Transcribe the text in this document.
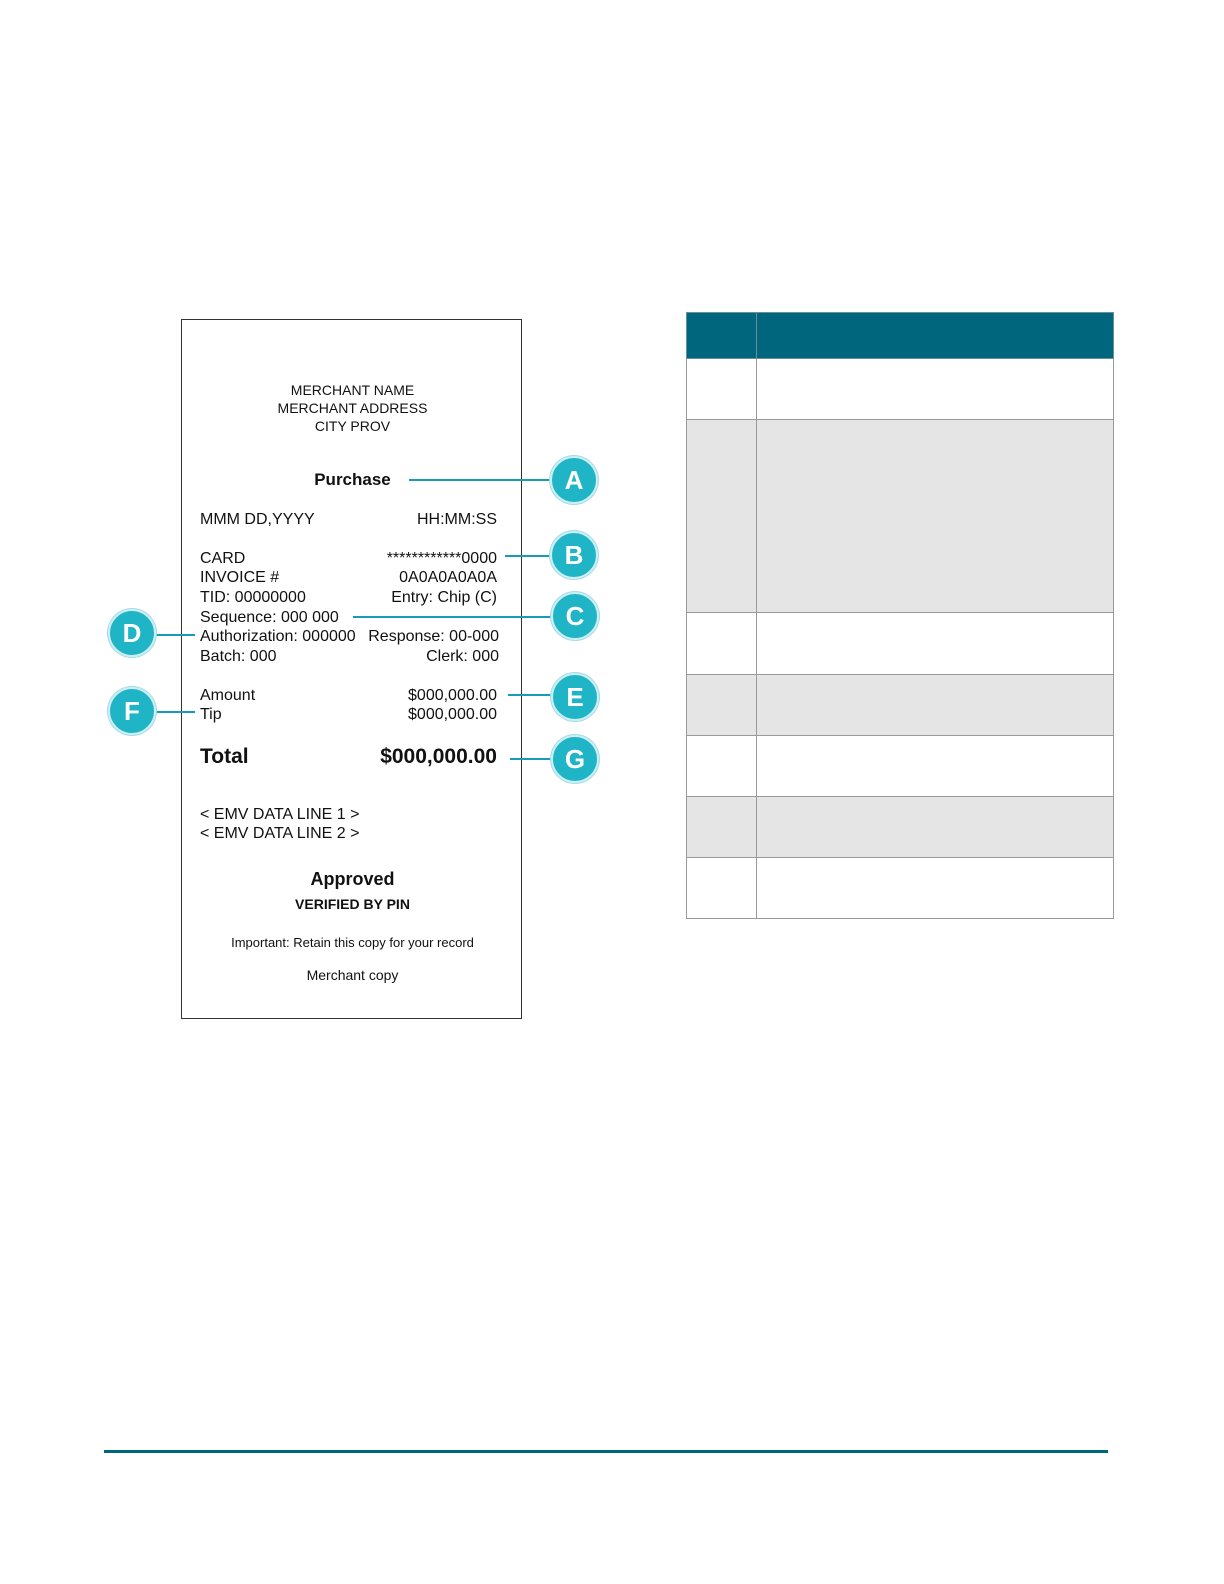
MERCHANT NAME
MERCHANT ADDRESS
CITY PROV
Purchase
MMM DD,YYYY	HH:MM:SS
CARD	************0000
INVOICE #	0A0A0A0A0A
TID: 00000000	Entry: Chip (C)
Sequence: 000 000
Authorization: 000000 Response: 00-000
Batch: 000	Clerk: 000
Amount	$000,000.00
Tip	$000,000.00
Total	$000,000.00
< EMV DATA LINE 1 >
< EMV DATA LINE 2 >
Approved
VERIFIED BY PIN
Important: Retain this copy for your record
Merchant copy
A
B
C
D
E
F
G
